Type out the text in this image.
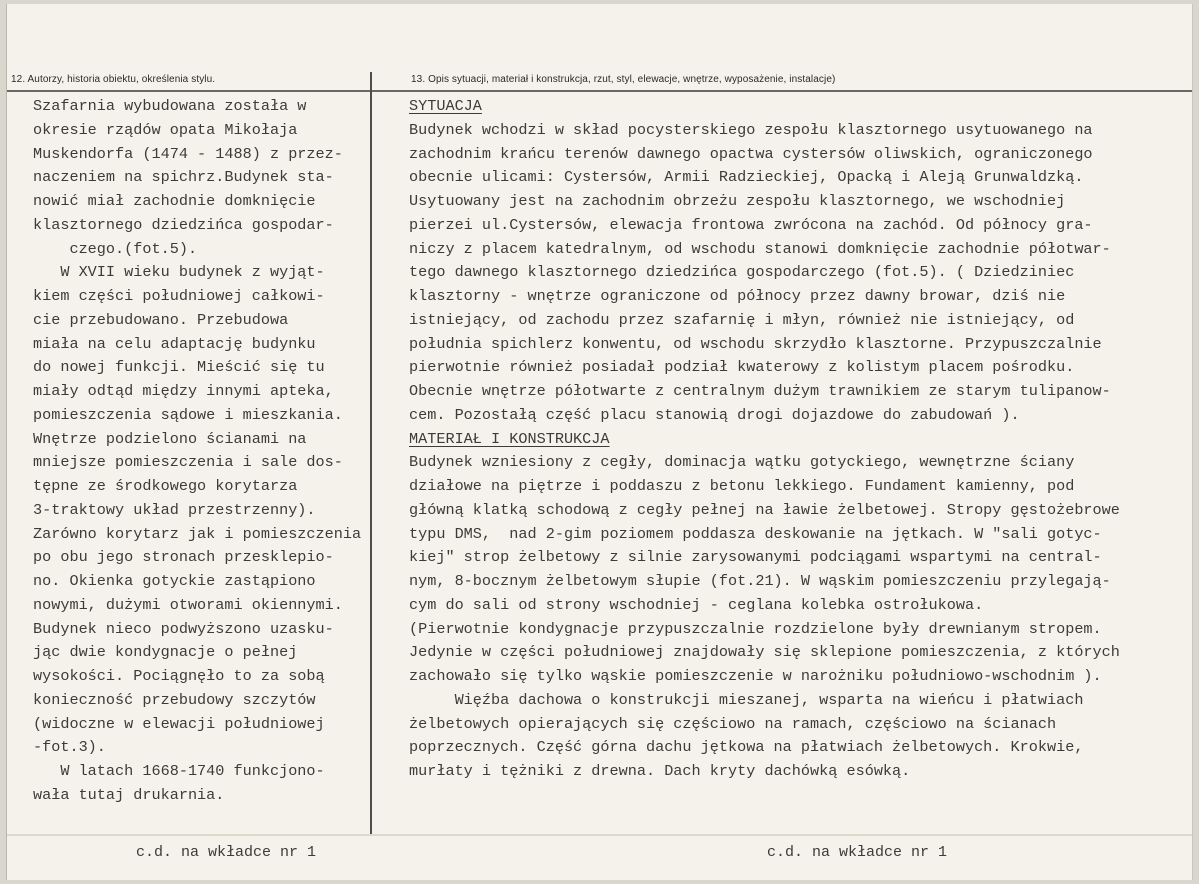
12. Autorzy, historia obiektu, określenia stylu.	13. Opis sytuacji, materiał i konstrukcja, rzut, styl, elewacje, wnętrze, wyposażenie, instalacje)
Szafarnia wybudowana została w
okresie rządów opata Mikołaja
Muskendorfa (1474 - 1488) z przez-
naczeniem na spichrz.Budynek sta-
nowić miał zachodnie domknięcie
klasztornego dziedzińca gospodar-
czego.(fot.5).
W XVII wieku budynek z wyjąt-
kiem części południowej całkowi-
cie przebudowano. Przebudowa
miała na celu adaptację budynku
do nowej funkcji. Mieścić się tu
miały odtąd między innymi apteka,
pomieszczenia sądowe i mieszkania.
Wnętrze podzielono ścianami na
mniejsze pomieszczenia i sale dos-
tępne ze środkowego korytarza
3-traktowy układ przestrzenny).
Zarówno korytarz jak i pomieszczenia
po obu jego stronach przesklepio-
no. Okienka gotyckie zastąpiono
nowymi, dużymi otworami okiennymi.
Budynek nieco podwyższono uzasku-
jąc dwie kondygnacje o pełnej
wysokości. Pociągnęło to za sobą
konieczność przebudowy szczytów
(widoczne w elewacji południowej
-fot.3).
W latach 1668-1740 funkcjono-
wała tutaj drukarnia.
SYTUACJA
Budynek wchodzi w skład pocysterskiego zespołu klasztornego usytuowanego na
zachodnim krańcu terenów dawnego opactwa cystersów oliwskich, ograniczonego
obecnie ulicami: Cystersów, Armii Radzieckiej, Opacką i Aleją Grunwaldzką.
Usytuowany jest na zachodnim obrzeżu zespołu klasztornego, we wschodniej
pierzei ul.Cystersów, elewacja frontowa zwrócona na zachód. Od północy gra-
niczy z placem katedralnym, od wschodu stanowi domknięcie zachodnie półotwar-
tego dawnego klasztornego dziedzińca gospodarczego (fot.5). ( Dziedziniec
klasztorny - wnętrze ograniczone od północy przez dawny browar, dziś nie
istniejący, od zachodu przez szafarnię i młyn, również nie istniejący, od
południa spichlerz konwentu, od wschodu skrzydło klasztorne. Przypuszczalnie
pierwotnie również posiadał podział kwaterowy z kolistym placem pośrodku.
Obecnie wnętrze półotwarte z centralnym dużym trawnikiem ze starym tulipanow-
cem. Pozostałą część placu stanowią drogi dojazdowe do zabudowań ).
MATERIAŁ I KONSTRUKCJA
Budynek wzniesiony z cegły, dominacja wątku gotyckiego, wewnętrzne ściany
działowe na piętrze i poddaszu z betonu lekkiego. Fundament kamienny, pod
główną klatką schodową z cegły pełnej na ławie żelbetowej. Stropy gęstożebrowe
typu DMS,  nad 2-gim poziomem poddasza deskowanie na jętkach. W "sali gotyc-
kiej" strop żelbetowy z silnie zarysowanymi podciągami wspartymi na central-
nym, 8-bocznym żelbetowym słupie (fot.21). W wąskim pomieszczeniu przylegają-
cym do sali od strony wschodniej - ceglana kolebka ostrołukowa.
(Pierwotnie kondygnacje przypuszczalnie rozdzielone były drewnianym stropem.
Jedynie w części południowej znajdowały się sklepione pomieszczenia, z których
zachowało się tylko wąskie pomieszczenie w narożniku południowo-wschodnim ).
Więźba dachowa o konstrukcji mieszanej, wsparta na wieńcu i płatwiach
żelbetowych opierających się częściowo na ramach, częściowo na ścianach
poprzecznych. Część górna dachu jętkowa na płatwiach żelbetowych. Krokwie,
murłaty i tężniki z drewna. Dach kryty dachówką esówką.
c.d. na wkładce nr 1	c.d. na wkładce nr 1
